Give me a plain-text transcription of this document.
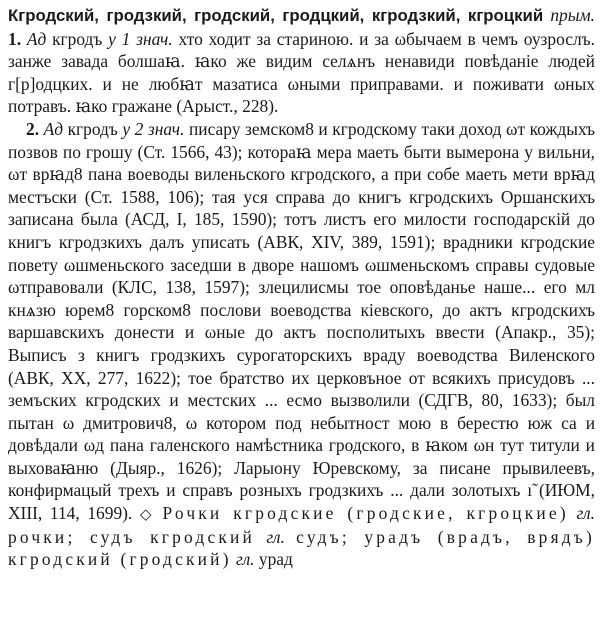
Кгродский, гродзкий, гродский, гродцкий, кгродзкий, кгроцкий прым. 1. Ад кгродъ у 1 знач. хто ходит за стариною. и за ωбычаем в чемъ оузрослъ. занже завада болшаꙗ. ꙗко же видим селѧнъ ненавиди повѣданiе людей г[р]одцких. и не любꙗт мазатиса ωными приправами. и поживати ωных потравъ. ꙗко гражане (Арыст., 228).

2. Ад кгродъ у 2 знач. писару земском8 и кгродскому таки доход ωт кождыхъ позвов по грошу (Ст. 1566, 43); котораꙗ мера маеть быти вымерона у вильни, ωт врꙗд8 пана воеводы виленьского кгродского, а при собе маеть мети врꙗд местъски (Ст. 1588, 106); тая уся справа до книгъ кгродскихъ Оршанскихъ записана была (АСД, I, 185, 1590); тотъ листъ его милости господарскiй до книгъ кгродзкихъ далъ уписать (АВК, XIV, 389, 1591); врадники кгродские повету ωшменьского заседши в дворе нашомъ ωшменьскомъ справы судовые ωтправовали (КЛС, 138, 1597); злецилисмы тое оповѣданье наше... его мл кнѧзю юрем8 горском8 послови воеводства кiевского, до актъ кгродскихъ варшавскихъ донести и ωные до актъ посполитыхъ ввести (Апакр., 35); Выписъ з книгъ гродзкихъ сурогаторскихъ враду воеводства Виленского (АВК, XX, 277, 1622); тое братство их церковъное от всякихъ присудовъ ... земъских кгродских и местских ... есмо вызволили (СДГВ, 80, 1633); был пытан ω дмитрович8, ω котором под небытност мою в берестю юж са и довѣдали ωд пана галенского намѣстника гродского, в ꙗком ωн тут титули и выховаꙗню (Дыяр., 1626); Ларыону Юревскому, за писане прывилеевъ, конфирмацый трехъ и справъ розныхъ гродзкихъ ... дали золотыхъ ı̃ (ИЮМ, XIII, 114, 1699). ◇ Рочки кгродские (гродские, кгроцкие) гл. рочки; судъ кгродский гл. судъ; урадъ (врадъ, врядъ) кгродский (гродский) гл. урад
